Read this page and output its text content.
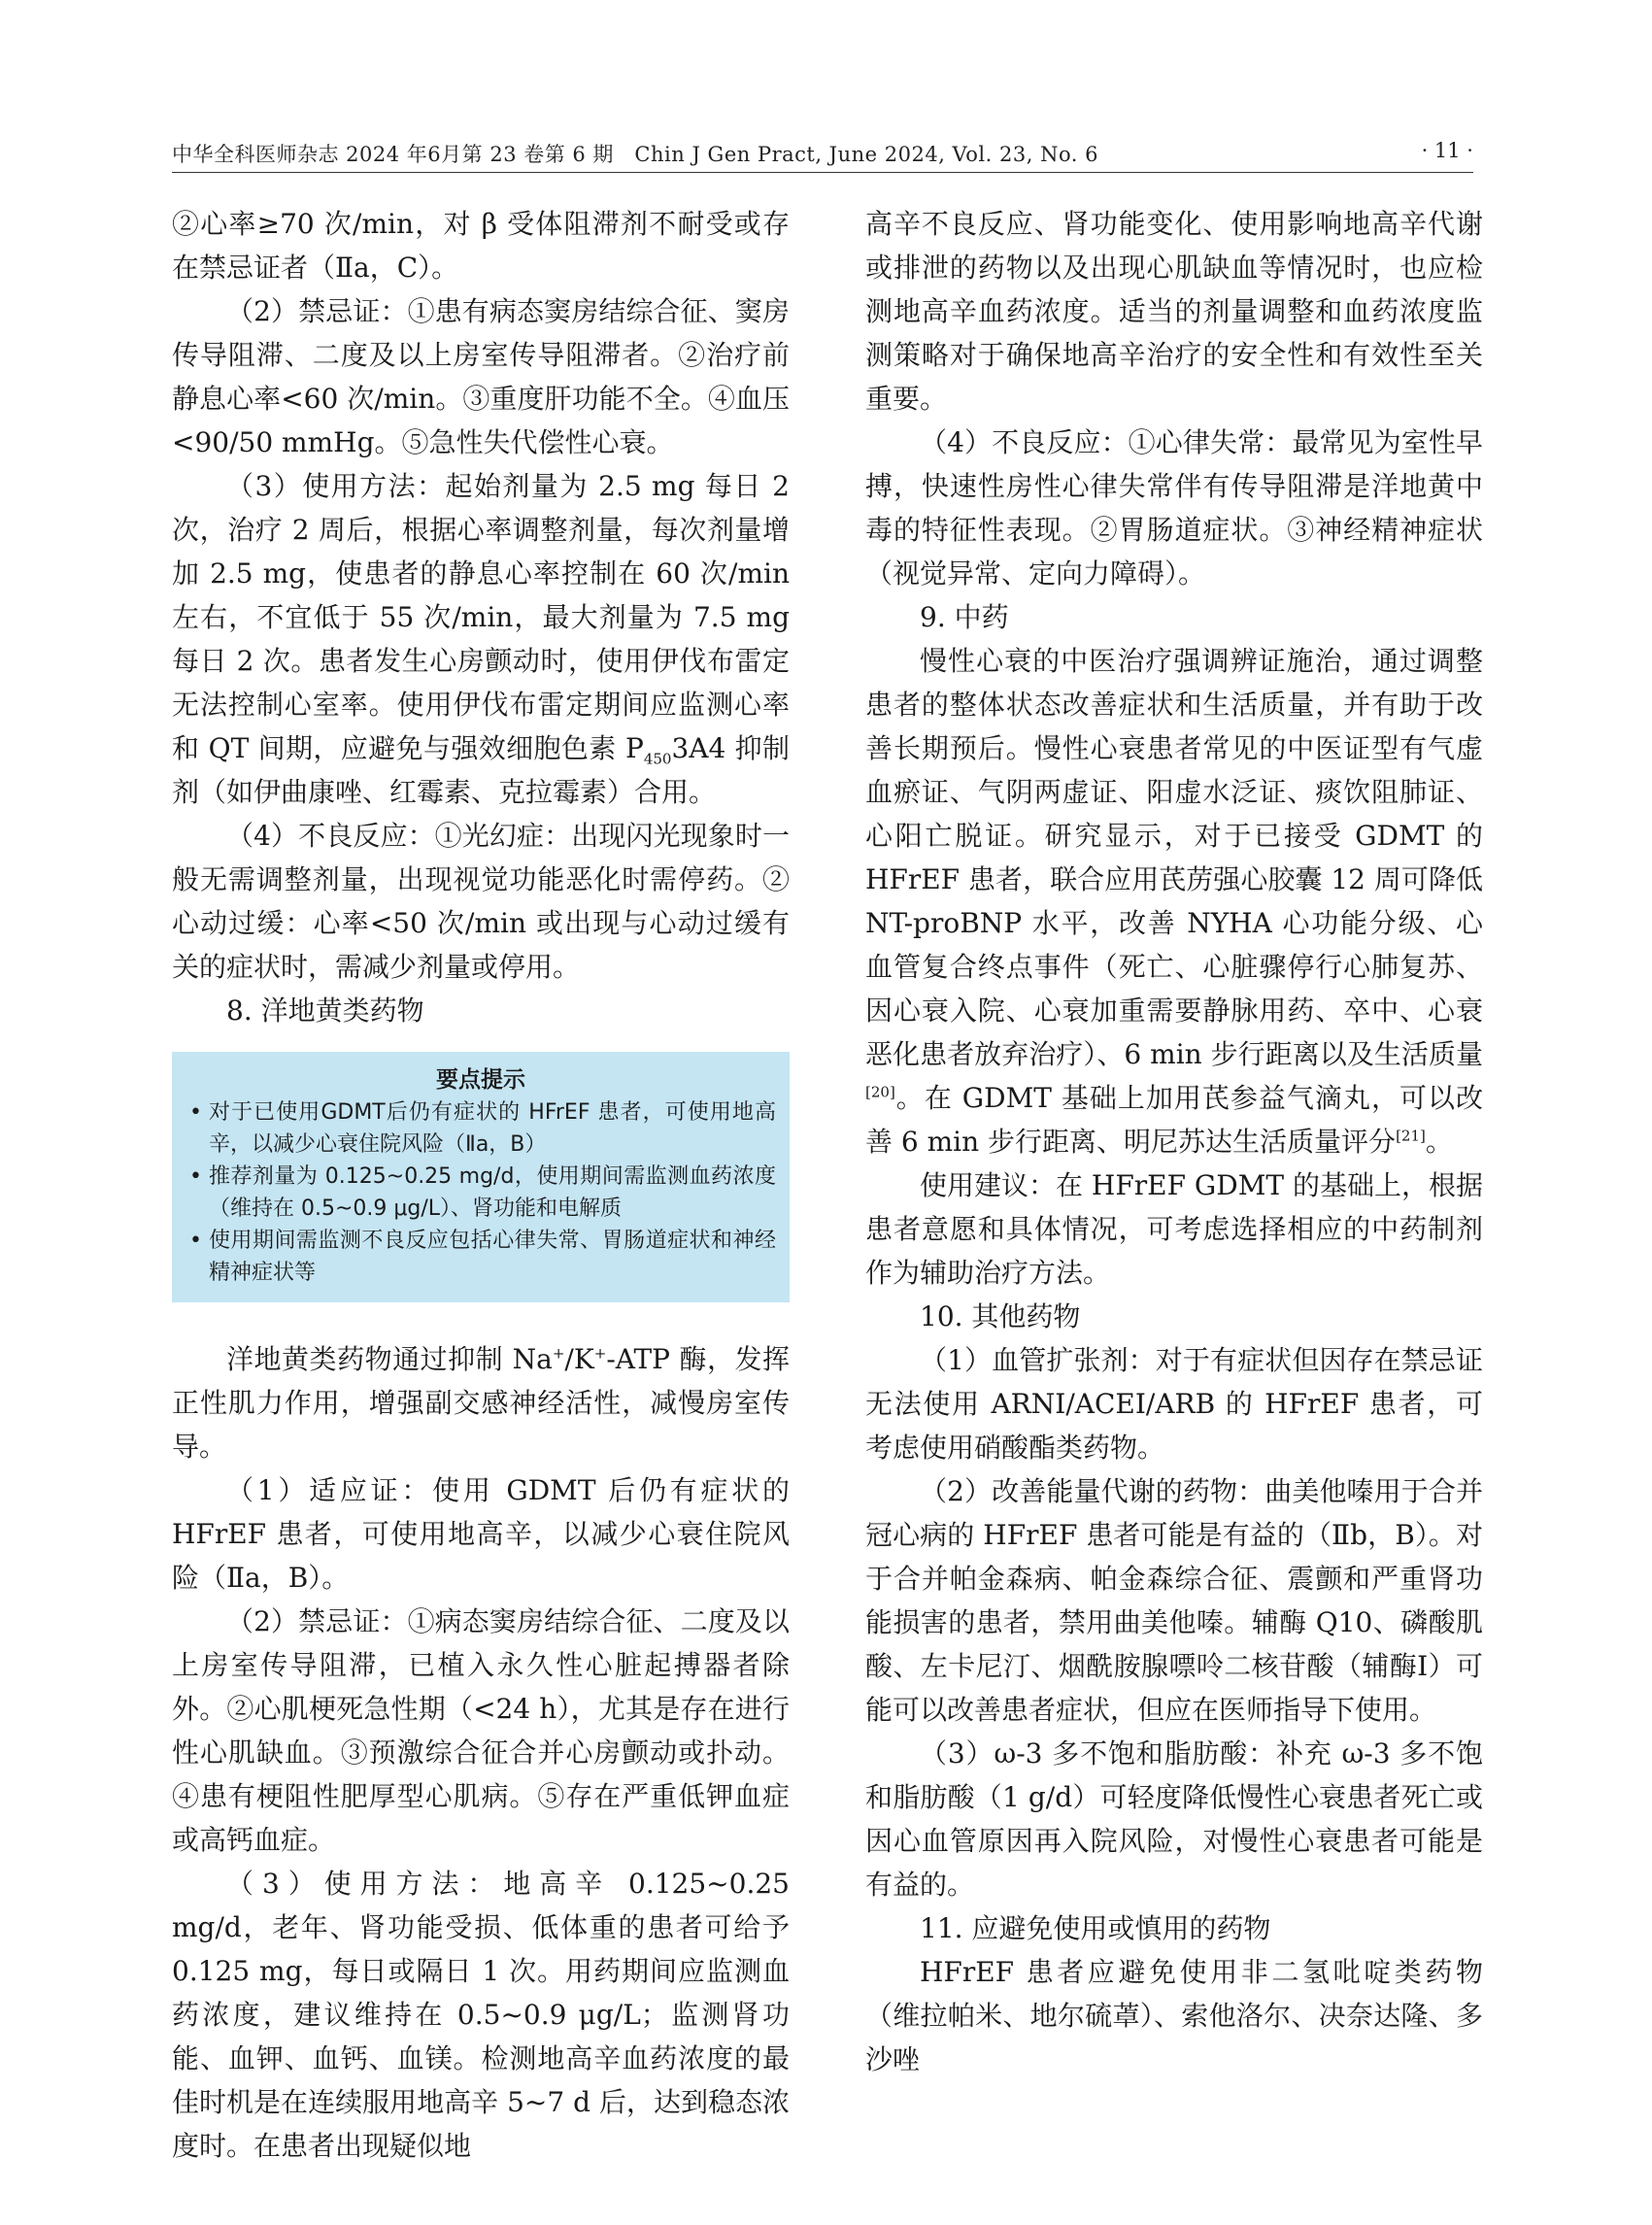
中华全科医师杂志 2024 年6月第 23 卷第 6 期　Chin J Gen Pract, June 2024, Vol. 23, No. 6	· 11 ·

②心率≥70 次/min，对 β 受体阻滞剂不耐受或存在禁忌证者（Ⅱa，C）。

（2）禁忌证：①患有病态窦房结综合征、窦房传导阻滞、二度及以上房室传导阻滞者。②治疗前静息心率<60 次/min。③重度肝功能不全。④血压<90/50 mmHg。⑤急性失代偿性心衰。

（3）使用方法：起始剂量为 2.5 mg 每日 2 次，治疗 2 周后，根据心率调整剂量，每次剂量增加 2.5 mg，使患者的静息心率控制在 60 次/min 左右，不宜低于 55 次/min，最大剂量为 7.5 mg 每日 2 次。患者发生心房颤动时，使用伊伐布雷定无法控制心室率。使用伊伐布雷定期间应监测心率和 QT 间期，应避免与强效细胞色素 $P_{450}3A4$ 抑制剂（如伊曲康唑、红霉素、克拉霉素）合用。

（4）不良反应：①光幻症：出现闪光现象时一般无需调整剂量，出现视觉功能恶化时需停药。②心动过缓：心率<50 次/min 或出现与心动过缓有关的症状时，需减少剂量或停用。

8. 洋地黄类药物

要点提示
• 对于已使用GDMT后仍有症状的 HFrEF 患者，可使用地高辛，以减少心衰住院风险（Ⅱa，B）
• 推荐剂量为 0.125~0.25 mg/d，使用期间需监测血药浓度（维持在 0.5~0.9 μg/L）、肾功能和电解质
• 使用期间需监测不良反应包括心律失常、胃肠道症状和神经精神症状等

洋地黄类药物通过抑制 Na+/K+-ATP 酶，发挥正性肌力作用，增强副交感神经活性，减慢房室传导。

（1）适应证：使用 GDMT 后仍有症状的 HFrEF 患者，可使用地高辛，以减少心衰住院风险（Ⅱa，B）。

（2）禁忌证：①病态窦房结综合征、二度及以上房室传导阻滞，已植入永久性心脏起搏器者除外。②心肌梗死急性期（<24 h），尤其是存在进行性心肌缺血。③预激综合征合并心房颤动或扑动。④患有梗阻性肥厚型心肌病。⑤存在严重低钾血症或高钙血症。

（3）使用方法：地高辛 0.125~0.25 mg/d，老年、肾功能受损、低体重的患者可给予 0.125 mg，每日或隔日 1 次。用药期间应监测血药浓度，建议维持在 0.5~0.9 μg/L；监测肾功能、血钾、血钙、血镁。检测地高辛血药浓度的最佳时机是在连续服用地高辛 5~7 d 后，达到稳态浓度时。在患者出现疑似地

高辛不良反应、肾功能变化、使用影响地高辛代谢或排泄的药物以及出现心肌缺血等情况时，也应检测地高辛血药浓度。适当的剂量调整和血药浓度监测策略对于确保地高辛治疗的安全性和有效性至关重要。

（4）不良反应：①心律失常：最常见为室性早搏，快速性房性心律失常伴有传导阻滞是洋地黄中毒的特征性表现。②胃肠道症状。③神经精神症状（视觉异常、定向力障碍）。

9. 中药

慢性心衰的中医治疗强调辨证施治，通过调整患者的整体状态改善症状和生活质量，并有助于改善长期预后。慢性心衰患者常见的中医证型有气虚血瘀证、气阴两虚证、阳虚水泛证、痰饮阻肺证、心阳亡脱证。研究显示，对于已接受 GDMT 的 HFrEF 患者，联合应用芪苈强心胶囊 12 周可降低 NT-proBNP 水平，改善 NYHA 心功能分级、心血管复合终点事件（死亡、心脏骤停行心肺复苏、因心衰入院、心衰加重需要静脉用药、卒中、心衰恶化患者放弃治疗）、6 min 步行距离以及生活质量[20]。在 GDMT 基础上加用芪参益气滴丸，可以改善 6 min 步行距离、明尼苏达生活质量评分[21]。

使用建议：在 HFrEF GDMT 的基础上，根据患者意愿和具体情况，可考虑选择相应的中药制剂作为辅助治疗方法。

10. 其他药物

（1）血管扩张剂：对于有症状但因存在禁忌证无法使用 ARNI/ACEI/ARB 的 HFrEF 患者，可考虑使用硝酸酯类药物。

（2）改善能量代谢的药物：曲美他嗪用于合并冠心病的 HFrEF 患者可能是有益的（Ⅱb，B）。对于合并帕金森病、帕金森综合征、震颤和严重肾功能损害的患者，禁用曲美他嗪。辅酶 Q10、磷酸肌酸、左卡尼汀、烟酰胺腺嘌呤二核苷酸（辅酶Ⅰ）可能可以改善患者症状，但应在医师指导下使用。

（3）ω-3 多不饱和脂肪酸：补充 ω-3 多不饱和脂肪酸（1 g/d）可轻度降低慢性心衰患者死亡或因心血管原因再入院风险，对慢性心衰患者可能是有益的。

11. 应避免使用或慎用的药物

HFrEF 患者应避免使用非二氢吡啶类药物（维拉帕米、地尔硫䓬）、索他洛尔、决奈达隆、多沙唑
